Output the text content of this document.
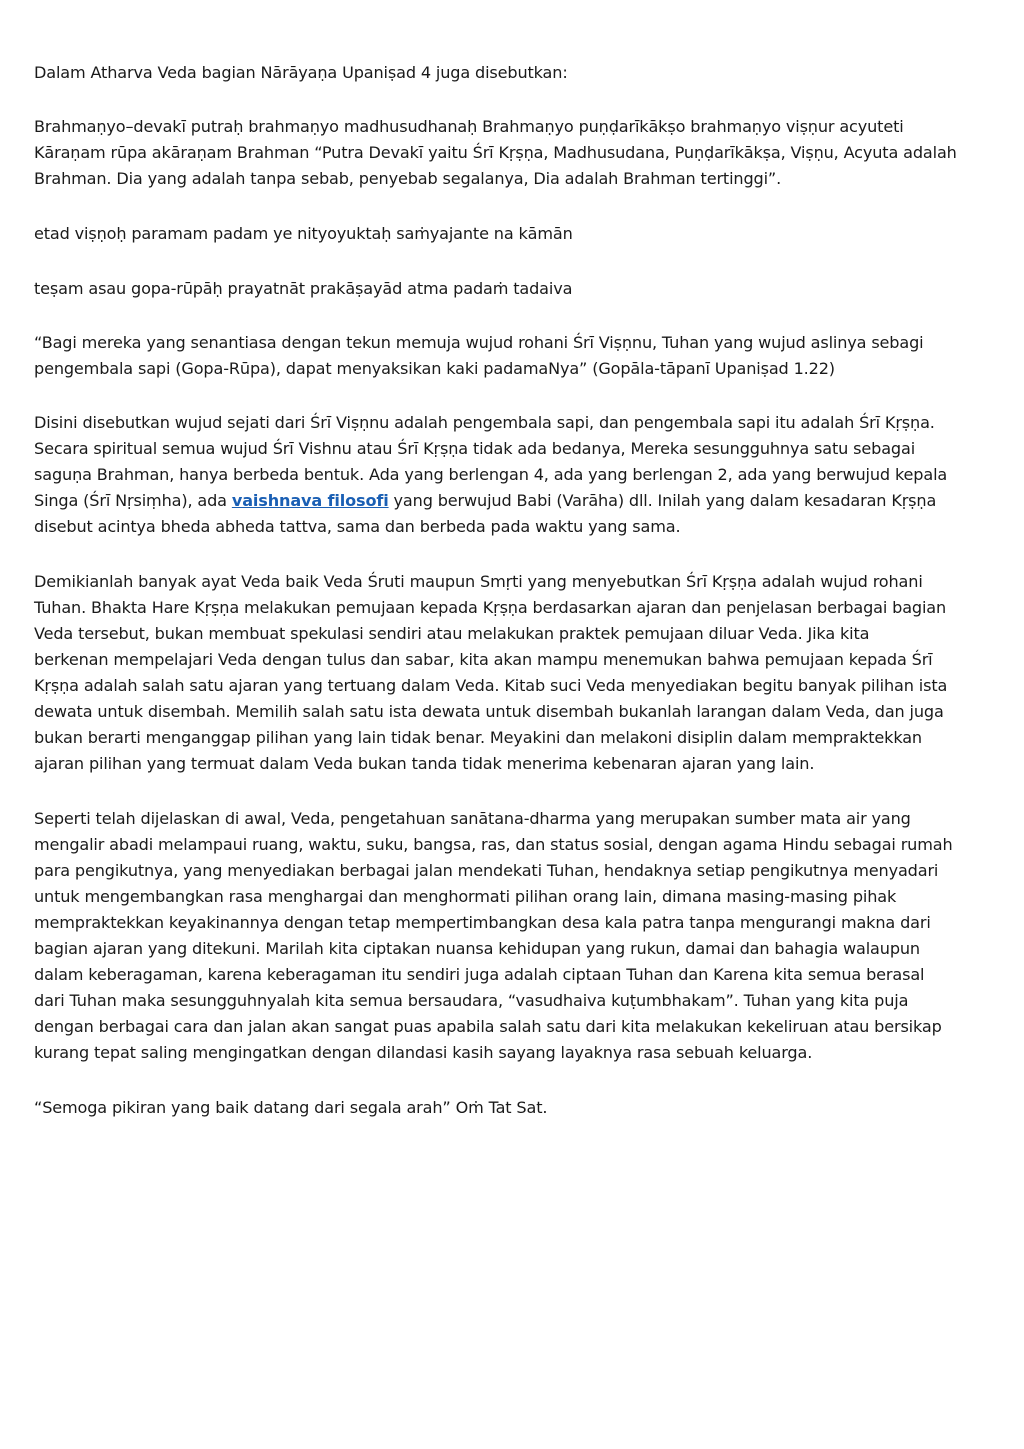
Dalam Atharva Veda bagian Nārāyaṇa Upaniṣad 4 juga disebutkan:

Brahmaṇyo–devakī putraḥ brahmaṇyo madhusudhanaḥ Brahmaṇyo puṇḍarīkākṣo brahmaṇyo viṣṇur acyuteti
Kāraṇam rūpa akāraṇam Brahman “Putra Devakī yaitu Śrī Kṛṣṇa, Madhusudana, Puṇḍarīkākṣa, Viṣṇu, Acyuta adalah
Brahman. Dia yang adalah tanpa sebab, penyebab segalanya, Dia adalah Brahman tertinggi”.

etad viṣṇoḥ paramam padam ye nityoyuktaḥ saṁyajante na kāmān

teṣam asau gopa-rūpāḥ prayatnāt prakāṣayād atma padaṁ tadaiva

“Bagi mereka yang senantiasa dengan tekun memuja wujud rohani Śrī Viṣṇnu, Tuhan yang wujud aslinya sebagi
pengembala sapi (Gopa-Rūpa), dapat menyaksikan kaki padamaNya” (Gopāla-tāpanī Upaniṣad 1.22)

Disini disebutkan wujud sejati dari Śrī Viṣṇnu adalah pengembala sapi, dan pengembala sapi itu adalah Śrī Kṛṣṇa.
Secara spiritual semua wujud Śrī Vishnu atau Śrī Kṛṣṇa tidak ada bedanya, Mereka sesungguhnya satu sebagai
saguṇa Brahman, hanya berbeda bentuk. Ada yang berlengan 4, ada yang berlengan 2, ada yang berwujud kepala
Singa (Śrī Nṛsiṃha), ada vaishnava filosofi yang berwujud Babi (Varāha) dll. Inilah yang dalam kesadaran Kṛṣṇa
disebut acintya bheda abheda tattva, sama dan berbeda pada waktu yang sama.

Demikianlah banyak ayat Veda baik Veda Śruti maupun Smṛti yang menyebutkan Śrī Kṛṣṇa adalah wujud rohani
Tuhan. Bhakta Hare Kṛṣṇa melakukan pemujaan kepada Kṛṣṇa berdasarkan ajaran dan penjelasan berbagai bagian
Veda tersebut, bukan membuat spekulasi sendiri atau melakukan praktek pemujaan diluar Veda. Jika kita
berkenan mempelajari Veda dengan tulus dan sabar, kita akan mampu menemukan bahwa pemujaan kepada Śrī
Kṛṣṇa adalah salah satu ajaran yang tertuang dalam Veda. Kitab suci Veda menyediakan begitu banyak pilihan ista
dewata untuk disembah. Memilih salah satu ista dewata untuk disembah bukanlah larangan dalam Veda, dan juga
bukan berarti menganggap pilihan yang lain tidak benar. Meyakini dan melakoni disiplin dalam mempraktekkan
ajaran pilihan yang termuat dalam Veda bukan tanda tidak menerima kebenaran ajaran yang lain.

Seperti telah dijelaskan di awal, Veda, pengetahuan sanātana-dharma yang merupakan sumber mata air yang
mengalir abadi melampaui ruang, waktu, suku, bangsa, ras, dan status sosial, dengan agama Hindu sebagai rumah
para pengikutnya, yang menyediakan berbagai jalan mendekati Tuhan, hendaknya setiap pengikutnya menyadari
untuk mengembangkan rasa menghargai dan menghormati pilihan orang lain, dimana masing-masing pihak
mempraktekkan keyakinannya dengan tetap mempertimbangkan desa kala patra tanpa mengurangi makna dari
bagian ajaran yang ditekuni. Marilah kita ciptakan nuansa kehidupan yang rukun, damai dan bahagia walaupun
dalam keberagaman, karena keberagaman itu sendiri juga adalah ciptaan Tuhan dan Karena kita semua berasal
dari Tuhan maka sesungguhnyalah kita semua bersaudara, “vasudhaiva kuṭumbhakam”. Tuhan yang kita puja
dengan berbagai cara dan jalan akan sangat puas apabila salah satu dari kita melakukan kekeliruan atau bersikap
kurang tepat saling mengingatkan dengan dilandasi kasih sayang layaknya rasa sebuah keluarga.

“Semoga pikiran yang baik datang dari segala arah” Oṁ Tat Sat.
